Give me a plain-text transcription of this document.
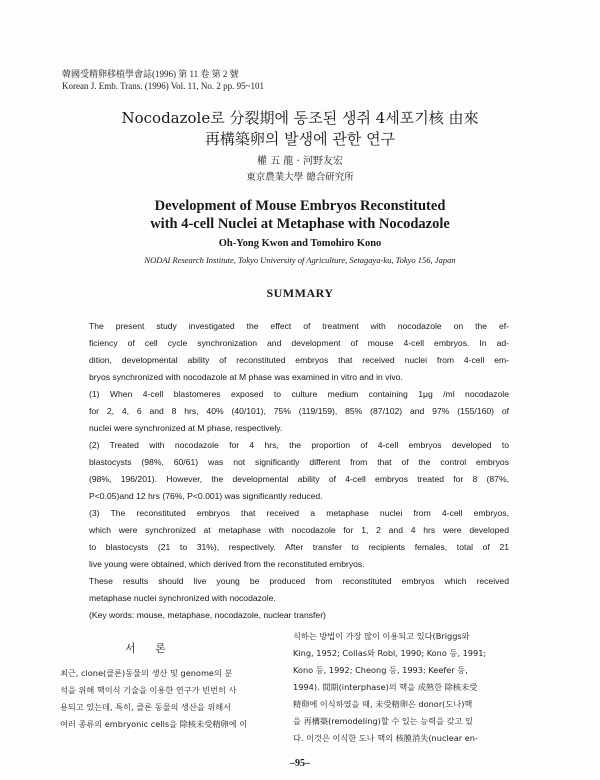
韓國受精卵移植學會誌(1996) 第 11 卷 第 2 號
Korean J. Emb. Trans. (1996) Vol. 11, No. 2 pp. 95~101
Nocodazole로 分裂期에 동조된 생쥐 4세포기核 由來
再構築卵의 발생에 관한 연구
權 五 龍 · 河野友宏
東京農業大學 總合研究所
Development of Mouse Embryos Reconstituted
with 4-cell Nuclei at Metaphase with Nocodazole
Oh-Yong Kwon and Tomohiro Kono
NODAI Research Institute, Tokyo University of Agriculture, Setagaya-ku, Tokyo 156, Japan
SUMMARY
The present study investigated the effect of treatment with nocodazole on the ef-
ficiency of cell cycle synchronization and development of mouse 4-cell embryos. In ad-
dition, developmental ability of reconstituted embryos that received nuclei from 4-cell em-
bryos synchronized with nocodazole at M phase was examined in vitro and in vivo.
(1) When 4-cell blastomeres exposed to culture medium containing 1μg /ml nocodazole
for 2, 4, 6 and 8 hrs, 40% (40/101), 75% (119/159), 85% (87/102) and 97% (155/160) of
nuclei were synchronized at M phase, respectively.
(2) Treated with nocodazole for 4 hrs, the proportion of 4-cell embryos developed to
blastocysts (98%, 60/61) was not significantly different from that of the control embryos
(98%, 196/201). However, the developmental ability of 4-cell embryos treated for 8 (87%,
P<0.05)and 12 hrs (76%, P<0.001) was significantly reduced.
(3) The reconstituted embryos that received a metaphase nuclei from 4-cell embryos,
which were synchronized at metaphase with nocodazole for 1, 2 and 4 hrs were developed
to blastocysts (21 to 31%), respectively. After transfer to recipients females, total of 21
live young were obtained, which derived from the reconstituted embryos.
These results should live young be produced from reconstituted embryos which received
metaphase nuclei synchronized with nocodazole.
(Key words: mouse, metaphase, nocodazole, nuclear transfer)
서 론
최근, clone(클론)동물의 생산 및 genome의 분
석을 위해 핵이식 기술을 이용한 연구가 빈번히 사
용되고 있는데, 특히, 클론 동물의 생산을 위해서
여러 종류의 embryonic cells을 除核未受精卵에 이
식하는 방법이 가장 많이 이용되고 있다(Briggs와
King, 1952; Collas와 Robl, 1990; Kono 등, 1991;
Kono 등, 1992; Cheong 등, 1993; Keefer 등,
1994). 間期(interphase)의 핵을 成熟한 除核未受
精卵에 이식하였을 때, 未受精卵은 donor(도나)핵
을 再構築(remodeling)할 수 있는 능력을 갖고 있
다. 이것은 이식한 도나 핵의 核膜消失(nuclear en-
–95–
